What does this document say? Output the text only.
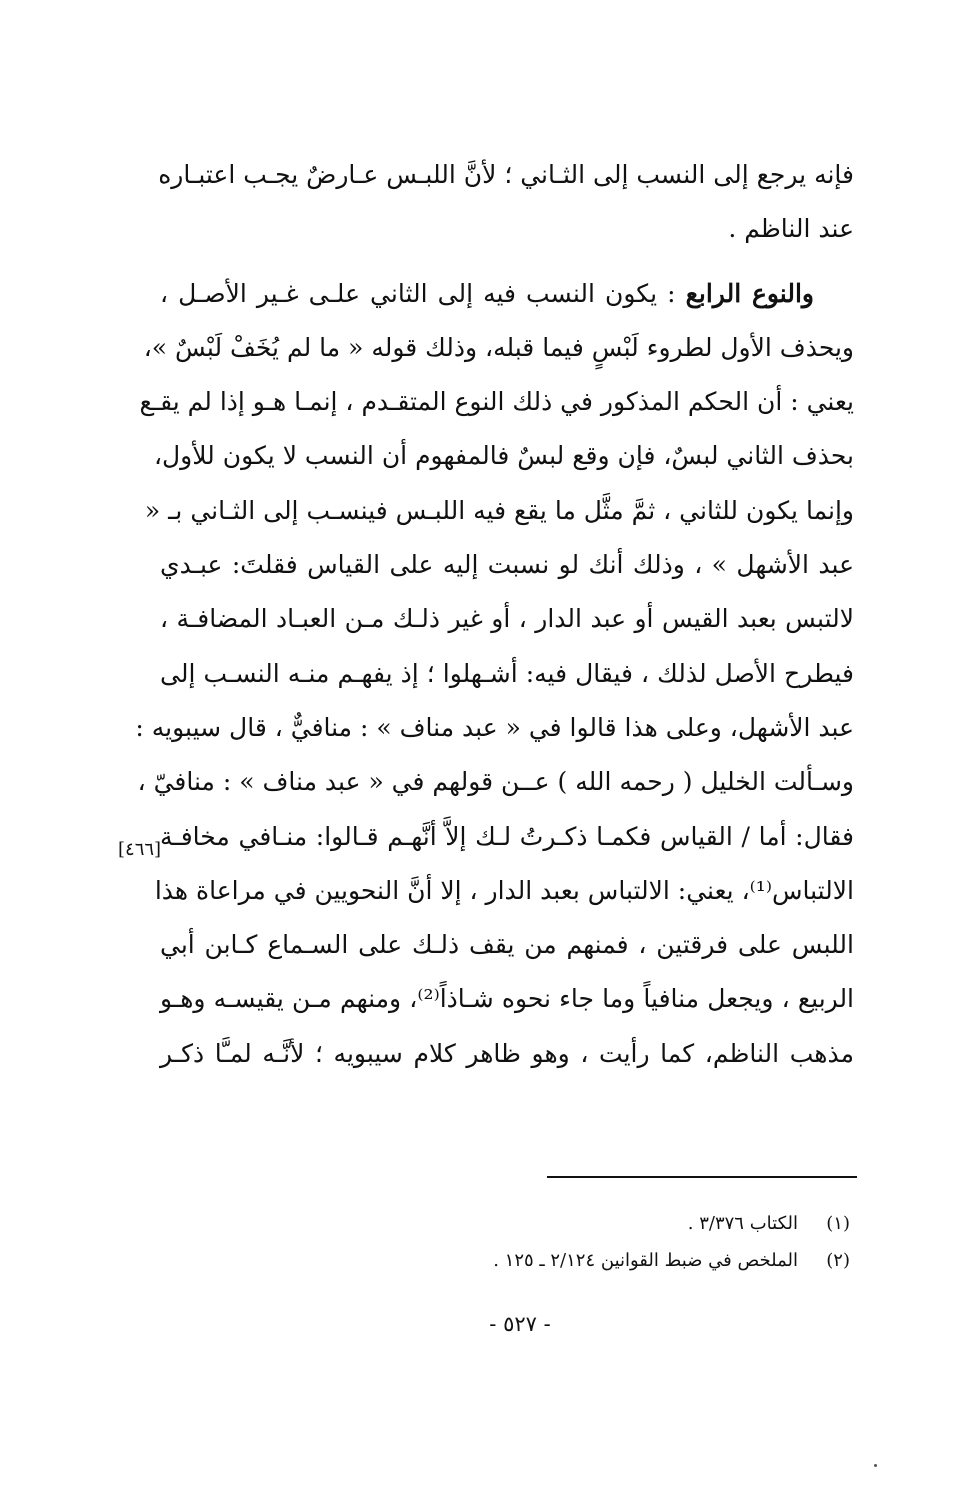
فإنه يرجع إلى النسب إلى الثـاني ؛ لأنَّ اللبـس عـارضٌ يجـب اعتبـاره
عند الناظم .
والنوع الرابع : يكون النسب فيه إلى الثاني علـى غـير الأصـل ،
ويحذف الأول لطروء لَبْسٍ فيما قبله، وذلك قوله « ما لم يُخَفْ لَبْسٌ »،
يعني : أن الحكم المذكور في ذلك النوع المتقـدم ، إنمـا هـو إذا لم يقـع
بحذف الثاني لبسٌ، فإن وقع لبسٌ فالمفهوم أن النسب لا يكون للأول،
وإنما يكون للثاني ، ثمَّ مثَّل ما يقع فيه اللبـس فينسـب إلى الثـاني بـ «
عبد الأشهل » ، وذلك أنك لو نسبت إليه على القياس فقلتَ: عبـدي
لالتبس بعبد القيس أو عبد الدار ، أو غير ذلـك مـن العبـاد المضافـة ،
فيطرح الأصل لذلك ، فيقال فيه: أشـهلوا ؛ إذ يفهـم منـه النسـب إلى
عبد الأشهل، وعلى هذا قالوا في « عبد مناف » : منافيٌّ ، قال سيبويه :
وسـألت الخليل ( رحمه الله ) عــن قولهم في « عبد مناف » : منافيّ ،
فقال: أما / القياس فكمـا ذكـرتُ لـك إلاَّ أنَّهـم قـالوا: منـافي مخافـة
الالتباس⁽¹⁾، يعني: الالتباس بعبد الدار ، إلا أنَّ النحويين في مراعاة هذا
اللبس على فرقتين ، فمنهم من يقف ذلـك على السـماع كـابن أبي
الربيع ، ويجعل منافياً وما جاء نحوه شـاذاً⁽²⁾، ومنهم مـن يقيسـه وهـو
مذهب الناظم، كما رأيت ، وهو ظاهر كلام سيبويه ؛ لأنَّـه لمـَّا ذكـر
[٤٦٦]
(١)الكتاب ٣/٣٧٦ .
(٢)الملخص في ضبط القوانين ٢/١٢٤ ـ ١٢٥ .
- ٥٢٧ -
